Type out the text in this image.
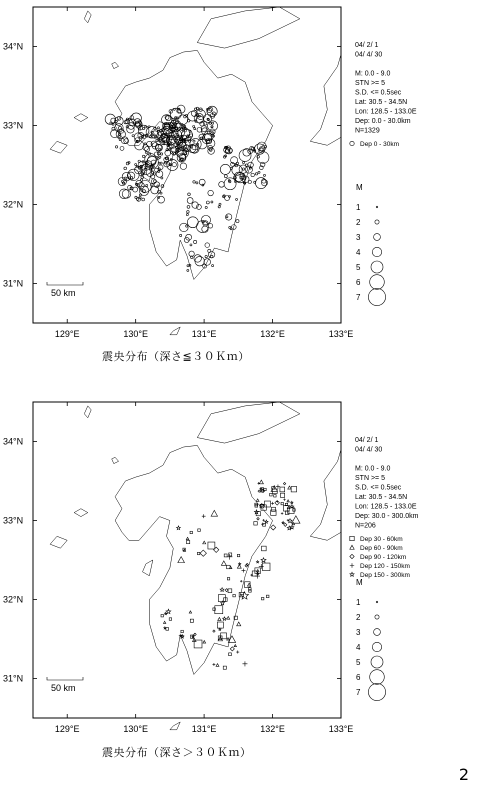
34°N
33°N
32°N
31°N
129°E	130°E	131°E	132°E	133°E
50 km
04/ 2/ 1
04/ 4/ 30
M: 0.0 - 9.0
STN >= 5
S.D. <= 0.5sec
Lat: 30.5 - 34.5N
Lon: 128.5 - 133.0E
Dep: 0.0 - 30.0km
N=1329
Dep 0 - 30km
M
1
2
3
4
5
6
7
震央分布（深さ≦３０Ｋｍ）
34°N
33°N
32°N
31°N
129°E	130°E	131°E	132°E	133°E
50 km
04/ 2/ 1
04/ 4/ 30
M: 0.0 - 9.0
STN >= 5
S.D. <= 0.5sec
Lat: 30.5 - 34.5N
Lon: 128.5 - 133.0E
Dep: 30.0 - 300.0km
N=206
Dep 30 - 60km
Dep 60 - 90km
Dep 90 - 120km
Dep 120 - 150km
Dep 150 - 300km
M
1
2
3
4
5
6
7
震央分布（深さ＞３０Ｋｍ）
2
